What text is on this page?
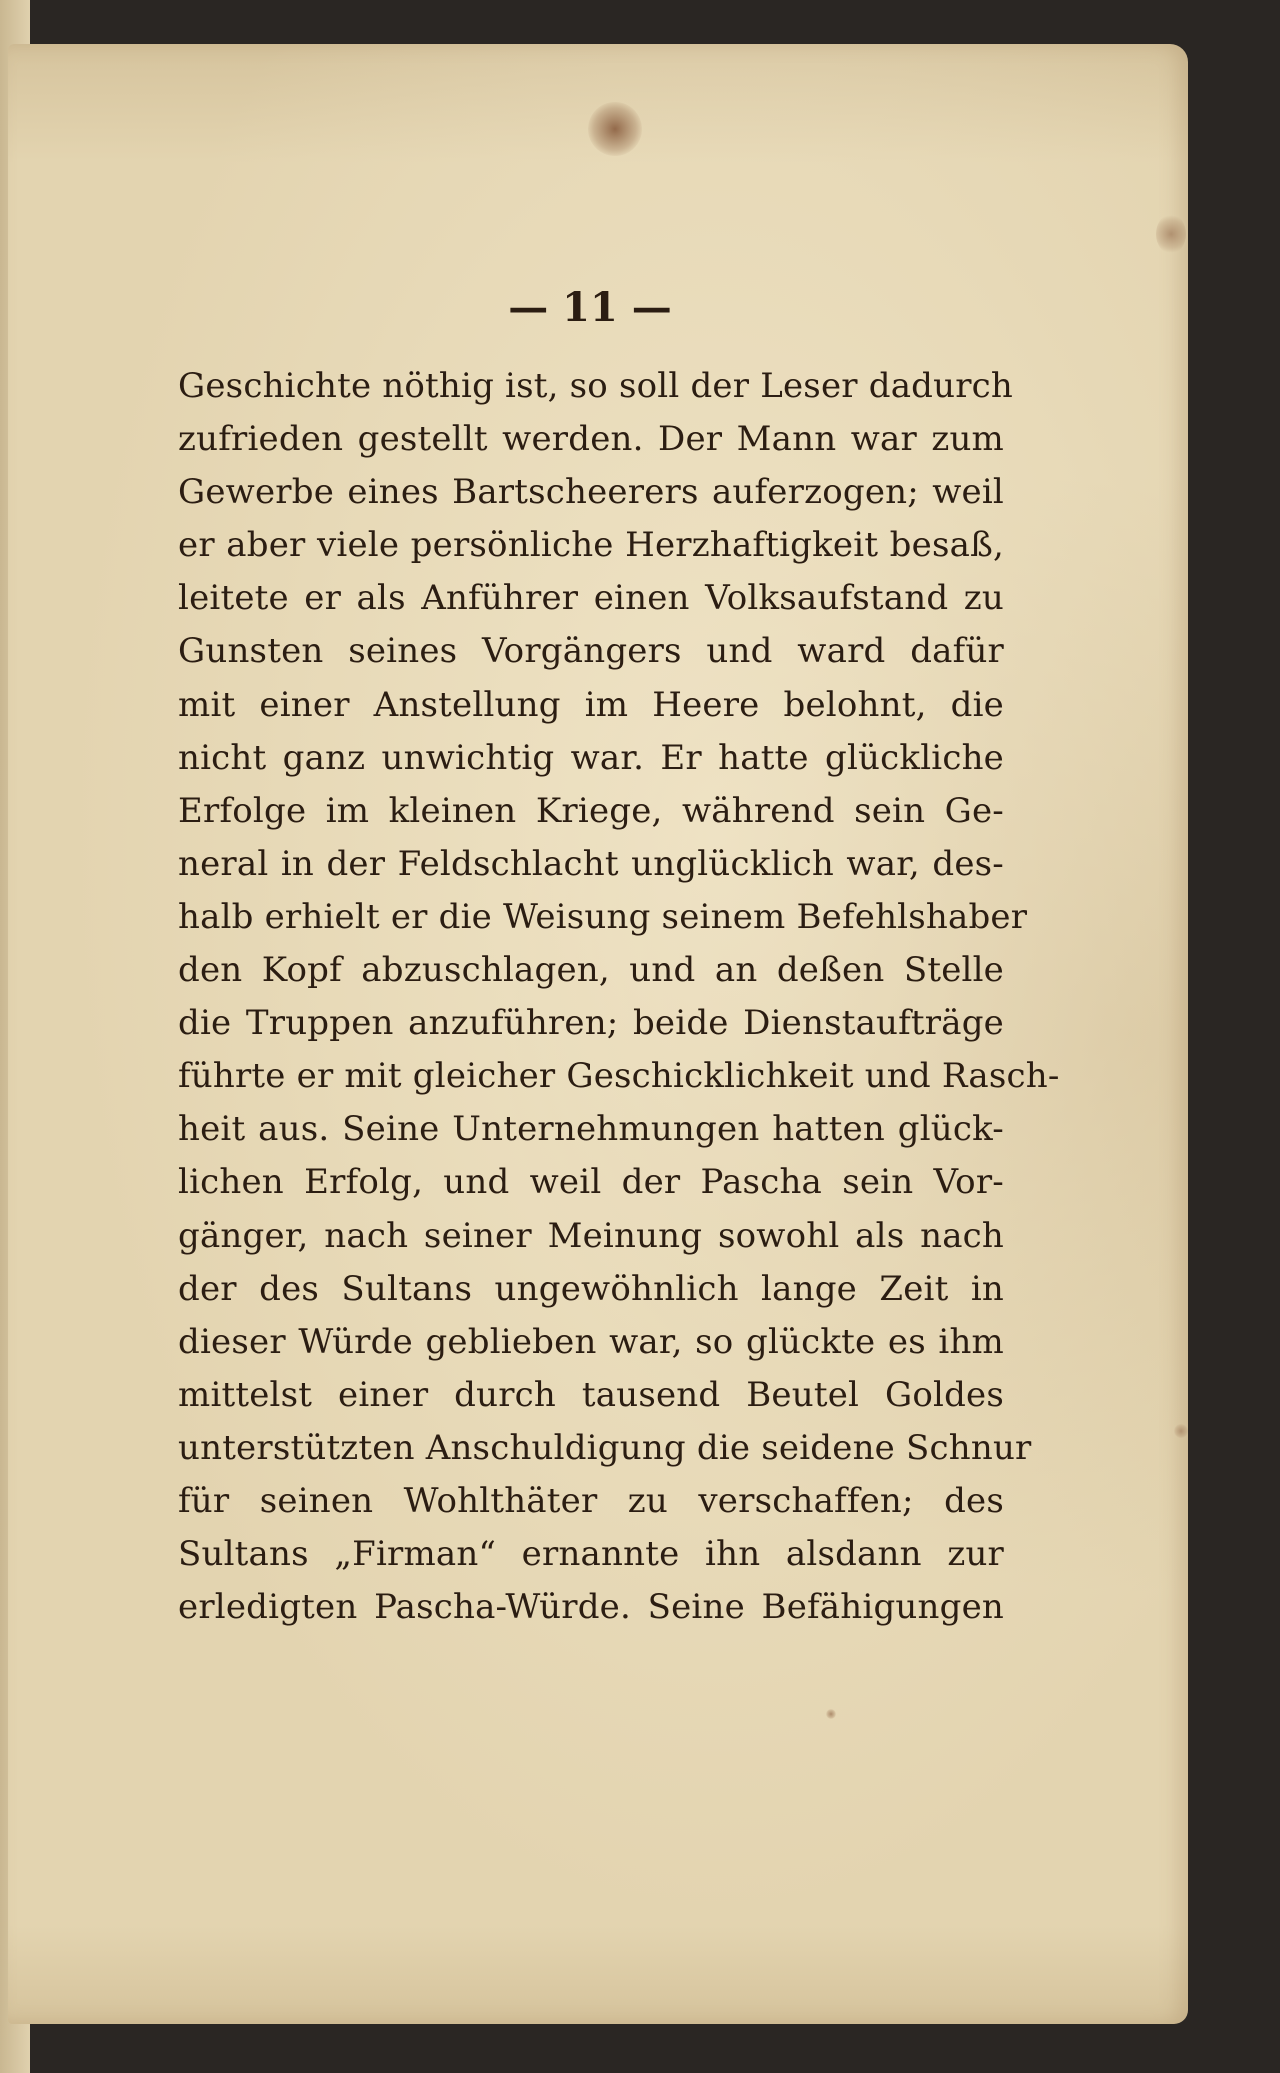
— 11 —
Geschichte nöthig ist, so soll der Leser dadurch
zufrieden gestellt werden. Der Mann war zum
Gewerbe eines Bartscheerers auferzogen; weil
er aber viele persönliche Herzhaftigkeit besaß,
leitete er als Anführer einen Volksaufstand zu
Gunsten seines Vorgängers und ward dafür
mit einer Anstellung im Heere belohnt, die
nicht ganz unwichtig war. Er hatte glückliche
Erfolge im kleinen Kriege, während sein Ge-
neral in der Feldschlacht unglücklich war, des-
halb erhielt er die Weisung seinem Befehlshaber
den Kopf abzuschlagen, und an deßen Stelle
die Truppen anzuführen; beide Dienstaufträge
führte er mit gleicher Geschicklichkeit und Rasch-
heit aus. Seine Unternehmungen hatten glück-
lichen Erfolg, und weil der Pascha sein Vor-
gänger, nach seiner Meinung sowohl als nach
der des Sultans ungewöhnlich lange Zeit in
dieser Würde geblieben war, so glückte es ihm
mittelst einer durch tausend Beutel Goldes
unterstützten Anschuldigung die seidene Schnur
für seinen Wohlthäter zu verschaffen; des
Sultans „Firman“ ernannte ihn alsdann zur
erledigten Pascha-Würde. Seine Befähigungen
